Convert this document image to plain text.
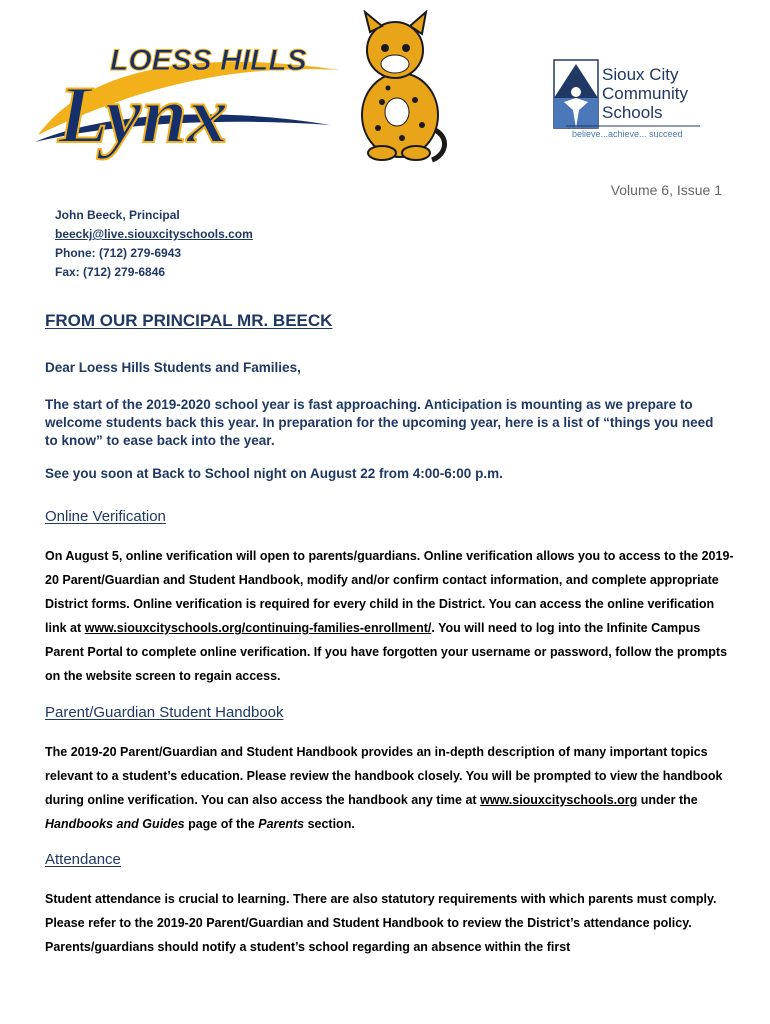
LOESS HILLS
Lynx	Sioux City
Community
Schools
believe...achieve... succeed
Volume 6, Issue 1
John Beeck, Principal
beeckj@live.siouxcityschools.com
Phone: (712) 279-6943
Fax: (712) 279-6846
FROM OUR PRINCIPAL MR. BEECK
Dear Loess Hills Students and Families,
The start of the 2019-2020 school year is fast approaching. Anticipation is mounting as we prepare to welcome students back this year. In preparation for the upcoming year, here is a list of “things you need to know” to ease back into the year.
See you soon at Back to School night on August 22 from 4:00-6:00 p.m.
Online Verification
On August 5, online verification will open to parents/guardians. Online verification allows you to access to the 2019-20 Parent/Guardian and Student Handbook, modify and/or confirm contact information, and complete appropriate District forms. Online verification is required for every child in the District. You can access the online verification link at www.siouxcityschools.org/continuing-families-enrollment/. You will need to log into the Infinite Campus Parent Portal to complete online verification. If you have forgotten your username or password, follow the prompts on the website screen to regain access.
Parent/Guardian Student Handbook
The 2019-20 Parent/Guardian and Student Handbook provides an in-depth description of many important topics relevant to a student’s education. Please review the handbook closely. You will be prompted to view the handbook during online verification. You can also access the handbook any time at www.siouxcityschools.org under the Handbooks and Guides page of the Parents section.
Attendance
Student attendance is crucial to learning. There are also statutory requirements with which parents must comply. Please refer to the 2019-20 Parent/Guardian and Student Handbook to review the District’s attendance policy. Parents/guardians should notify a student’s school regarding an absence within the first
